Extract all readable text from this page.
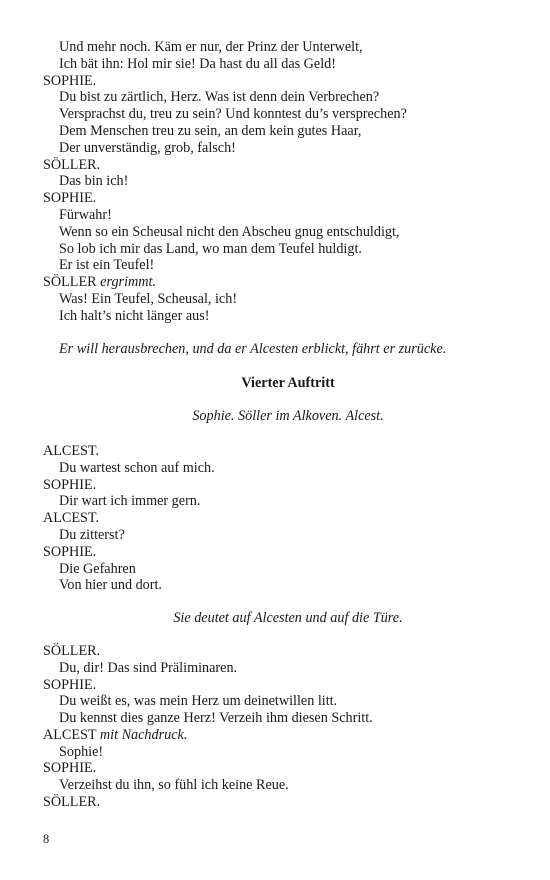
Und mehr noch. Käm er nur, der Prinz der Unterwelt,
Ich bät ihn: Hol mir sie! Da hast du all das Geld!
SOPHIE.
Du bist zu zärtlich, Herz. Was ist denn dein Verbrechen?
Versprachst du, treu zu sein? Und konntest du’s versprechen?
Dem Menschen treu zu sein, an dem kein gutes Haar,
Der unverständig, grob, falsch!
SÖLLER.
Das bin ich!
SOPHIE.
Fürwahr!
Wenn so ein Scheusal nicht den Abscheu gnug entschuldigt,
So lob ich mir das Land, wo man dem Teufel huldigt.
Er ist ein Teufel!
SÖLLER ergrimmt.
Was! Ein Teufel, Scheusal, ich!
Ich halt’s nicht länger aus!
Er will herausbrechen, und da er Alcesten erblickt, fährt er zurücke.
Vierter Auftritt
Sophie. Söller im Alkoven. Alcest.
ALCEST.
Du wartest schon auf mich.
SOPHIE.
Dir wart ich immer gern.
ALCEST.
Du zitterst?
SOPHIE.
Die Gefahren
Von hier und dort.
Sie deutet auf Alcesten und auf die Türe.
SÖLLER.
Du, dir! Das sind Präliminaren.
SOPHIE.
Du weißt es, was mein Herz um deinetwillen litt.
Du kennst dies ganze Herz! Verzeih ihm diesen Schritt.
ALCEST mit Nachdruck.
Sophie!
SOPHIE.
Verzeihst du ihn, so fühl ich keine Reue.
SÖLLER.
8
